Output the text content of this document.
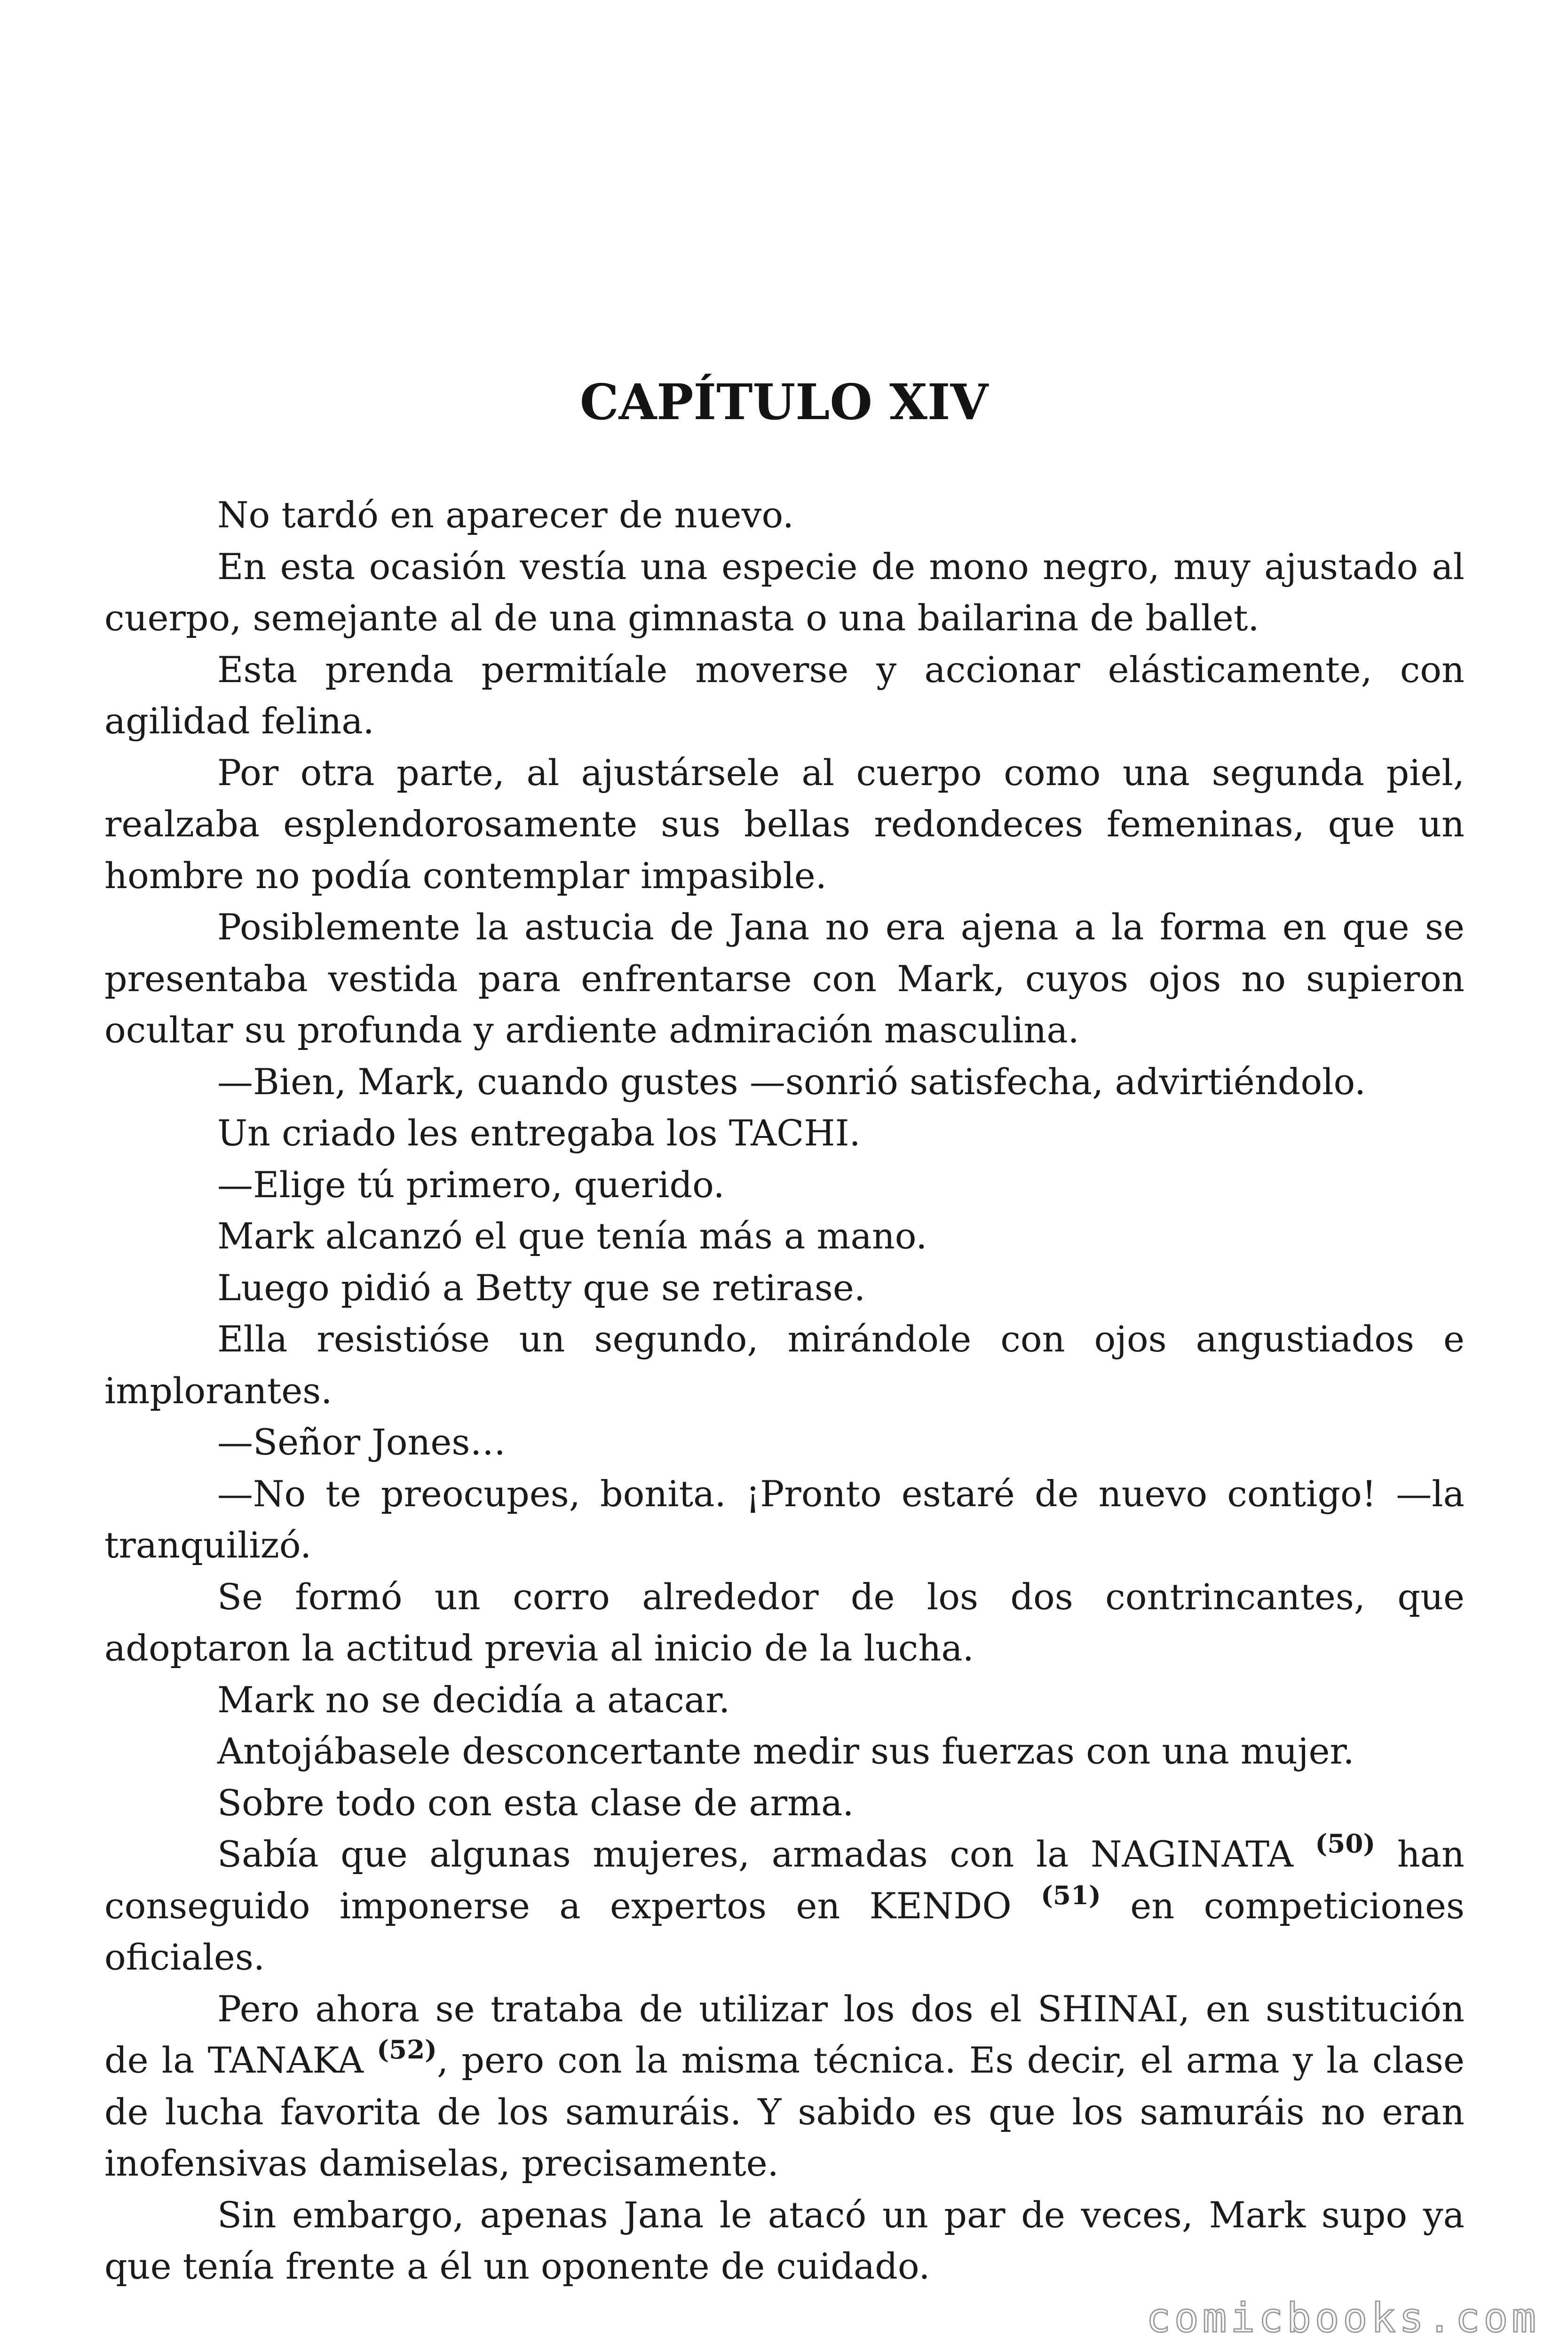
CAPÍTULO XIV

No tardó en aparecer de nuevo.

En esta ocasión vestía una especie de mono negro, muy ajustado al cuerpo, semejante al de una gimnasta o una bailarina de ballet.

Esta prenda permitíale moverse y accionar elásticamente, con agilidad felina.

Por otra parte, al ajustársele al cuerpo como una segunda piel, realzaba esplendorosamente sus bellas redondeces femeninas, que un hombre no podía contemplar impasible.

Posiblemente la astucia de Jana no era ajena a la forma en que se presentaba vestida para enfrentarse con Mark, cuyos ojos no supieron ocultar su profunda y ardiente admiración masculina.

—Bien, Mark, cuando gustes —sonrió satisfecha, advirtiéndolo.

Un criado les entregaba los TACHI.

—Elige tú primero, querido.

Mark alcanzó el que tenía más a mano.

Luego pidió a Betty que se retirase.

Ella resistióse un segundo, mirándole con ojos angustiados e implorantes.

—Señor Jones…

—No te preocupes, bonita. ¡Pronto estaré de nuevo contigo! —la tranquilizó.

Se formó un corro alrededor de los dos contrincantes, que adoptaron la actitud previa al inicio de la lucha.

Mark no se decidía a atacar.

Antojábasele desconcertante medir sus fuerzas con una mujer.

Sobre todo con esta clase de arma.

Sabía que algunas mujeres, armadas con la NAGINATA $^{(50)}$ han conseguido imponerse a expertos en KENDO $^{(51)}$ en competiciones oficiales.

Pero ahora se trataba de utilizar los dos el SHINAI, en sustitución de la TANAKA $^{(52)}$, pero con la misma técnica. Es decir, el arma y la clase de lucha favorita de los samuráis. Y sabido es que los samuráis no eran inofensivas damiselas, precisamente.

Sin embargo, apenas Jana le atacó un par de veces, Mark supo ya que tenía frente a él un oponente de cuidado.

comicbooks.com
